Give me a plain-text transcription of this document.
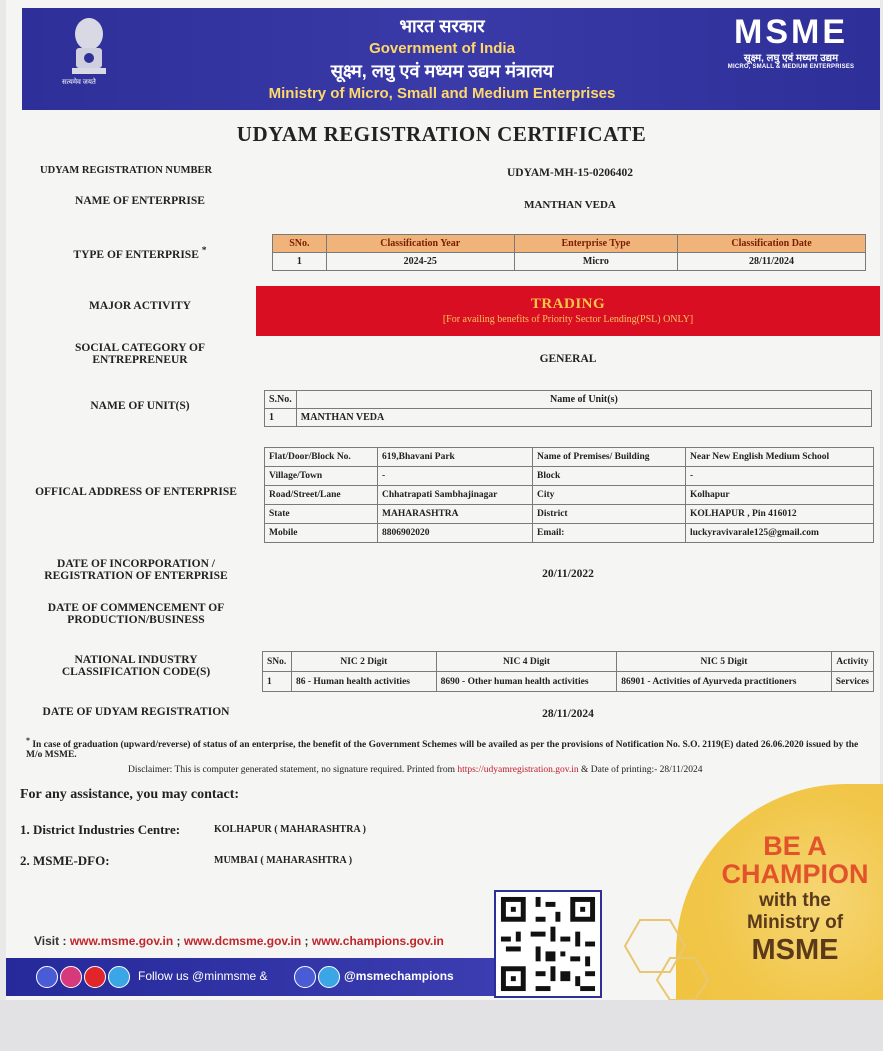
सत्यमेव जयते
भारत सरकार
Government of India
सूक्ष्म, लघु एवं मध्यम उद्यम मंत्रालय
Ministry of Micro, Small and Medium Enterprises
MSME
सूक्ष्म, लघु एवं मध्यम उद्यम
MICRO, SMALL & MEDIUM ENTERPRISES
UDYAM REGISTRATION CERTIFICATE
UDYAM REGISTRATION NUMBER	UDYAM-MH-15-0206402
NAME OF ENTERPRISE	MANTHAN VEDA
TYPE OF ENTERPRISE *
SNo.	Classification Year	Enterprise Type	Classification Date
1	2024-25	Micro	28/11/2024
MAJOR ACTIVITY	TRADING
[For availing benefits of Priority Sector Lending(PSL) ONLY]
SOCIAL CATEGORY OF
ENTREPRENEUR	GENERAL
NAME OF UNIT(S)
S.No.	Name of Unit(s)
1	MANTHAN VEDA
OFFICAL ADDRESS OF ENTERPRISE
Flat/Door/Block No.	619,Bhavani Park	Name of Premises/ Building	Near New English Medium School
Village/Town	-	Block	-
Road/Street/Lane	Chhatrapati Sambhajinagar	City	Kolhapur
State	MAHARASHTRA	District	KOLHAPUR , Pin 416012
Mobile	8806902020	Email:	luckyravivarale125@gmail.com
DATE OF INCORPORATION /
REGISTRATION OF ENTERPRISE	20/11/2022
DATE OF COMMENCEMENT OF
PRODUCTION/BUSINESS
NATIONAL INDUSTRY
CLASSIFICATION CODE(S)
SNo.	NIC 2 Digit	NIC 4 Digit	NIC 5 Digit	Activity
1	86 - Human health activities	8690 - Other human health activities	86901 - Activities of Ayurveda practitioners	Services
DATE OF UDYAM REGISTRATION	28/11/2024
* In case of graduation (upward/reverse) of status of an enterprise, the benefit of the Government Schemes will be availed as per the provisions of Notification No. S.O. 2119(E) dated 26.06.2020 issued by the M/o MSME.
Disclaimer: This is computer generated statement, no signature required. Printed from https://udyamregistration.gov.in & Date of printing:- 28/11/2024
For any assistance, you may contact:
1. District Industries Centre:	KOLHAPUR ( MAHARASHTRA )
2. MSME-DFO:	MUMBAI ( MAHARASHTRA )	BE A
CHAMPION
with the
Ministry of
MSME
Visit : www.msme.gov.in ; www.dcmsme.gov.in ; www.champions.gov.in
Follow us @minmsme &	@msmechampions
